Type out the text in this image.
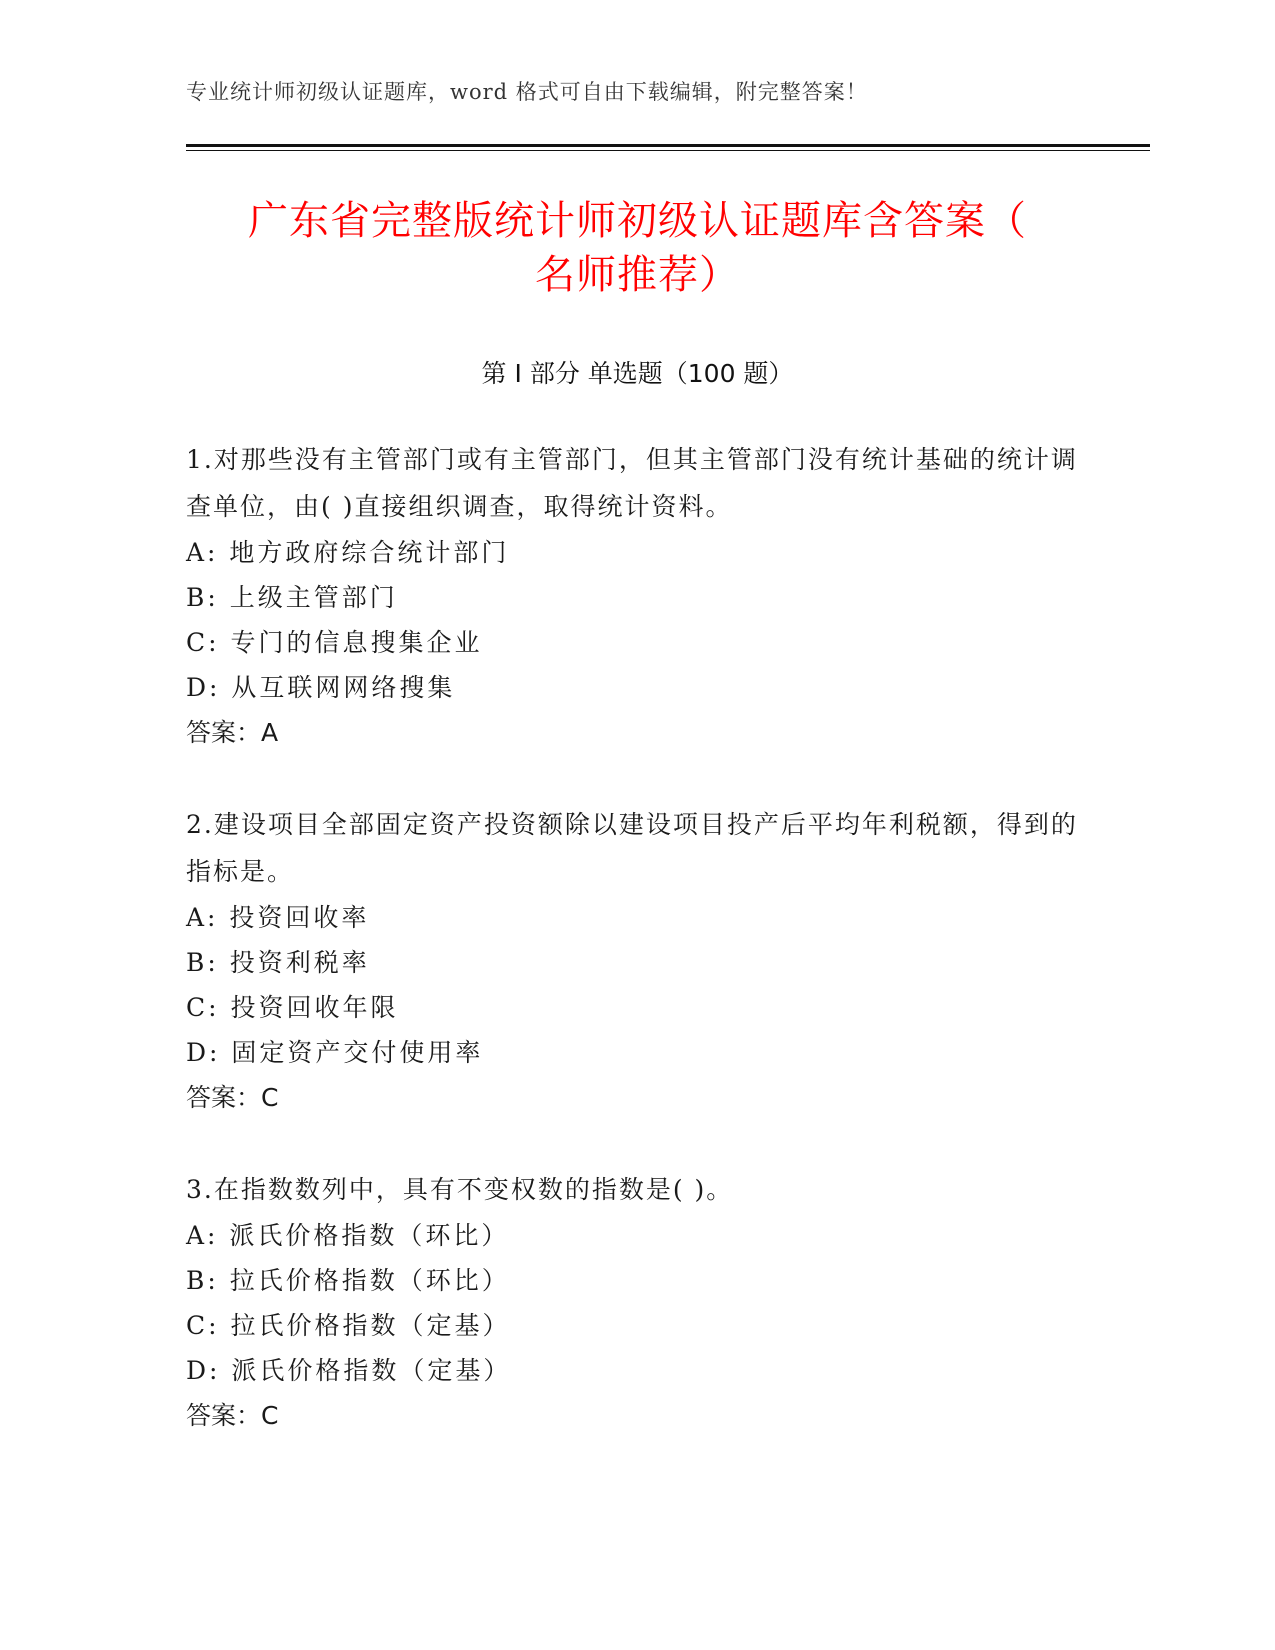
专业统计师初级认证题库，word 格式可自由下载编辑，附完整答案！
广东省完整版统计师初级认证题库含答案（
名师推荐）
第 I 部分 单选题（100 题）

1.对那些没有主管部门或有主管部门，但其主管部门没有统计基础的统计调查单位，由( )直接组织调查，取得统计资料。

A: 地方政府综合统计部门

B: 上级主管部门

C: 专门的信息搜集企业

D: 从互联网网络搜集

答案：A

2.建设项目全部固定资产投资额除以建设项目投产后平均年利税额，得到的指标是。

A: 投资回收率

B: 投资利税率

C: 投资回收年限

D: 固定资产交付使用率

答案：C

3.在指数数列中，具有不变权数的指数是( )。

A: 派氏价格指数（环比）

B: 拉氏价格指数（环比）

C: 拉氏价格指数（定基）

D: 派氏价格指数（定基）

答案：C
